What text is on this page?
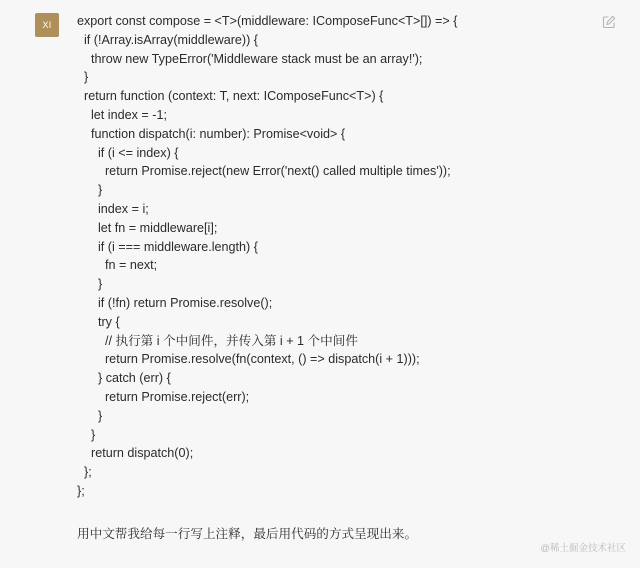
XI	export const compose = <T>(middleware: IComposeFunc<T>[]) => {
if (!Array.isArray(middleware)) {
throw new TypeError('Middleware stack must be an array!');
}
return function (context: T, next: IComposeFunc<T>) {
let index = -1;
function dispatch(i: number): Promise<void> {
if (i <= index) {
return Promise.reject(new Error('next() called multiple times'));
}
index = i;
let fn = middleware[i];
if (i === middleware.length) {
fn = next;
}
if (!fn) return Promise.resolve();
try {
// 执行第 i 个中间件，并传入第 i + 1 个中间件
return Promise.resolve(fn(context, () => dispatch(i + 1)));
} catch (err) {
return Promise.reject(err);
}
}
return dispatch(0);
};
};
用中文帮我给每一行写上注释，最后用代码的方式呈现出来。
@稀土掘金技术社区
